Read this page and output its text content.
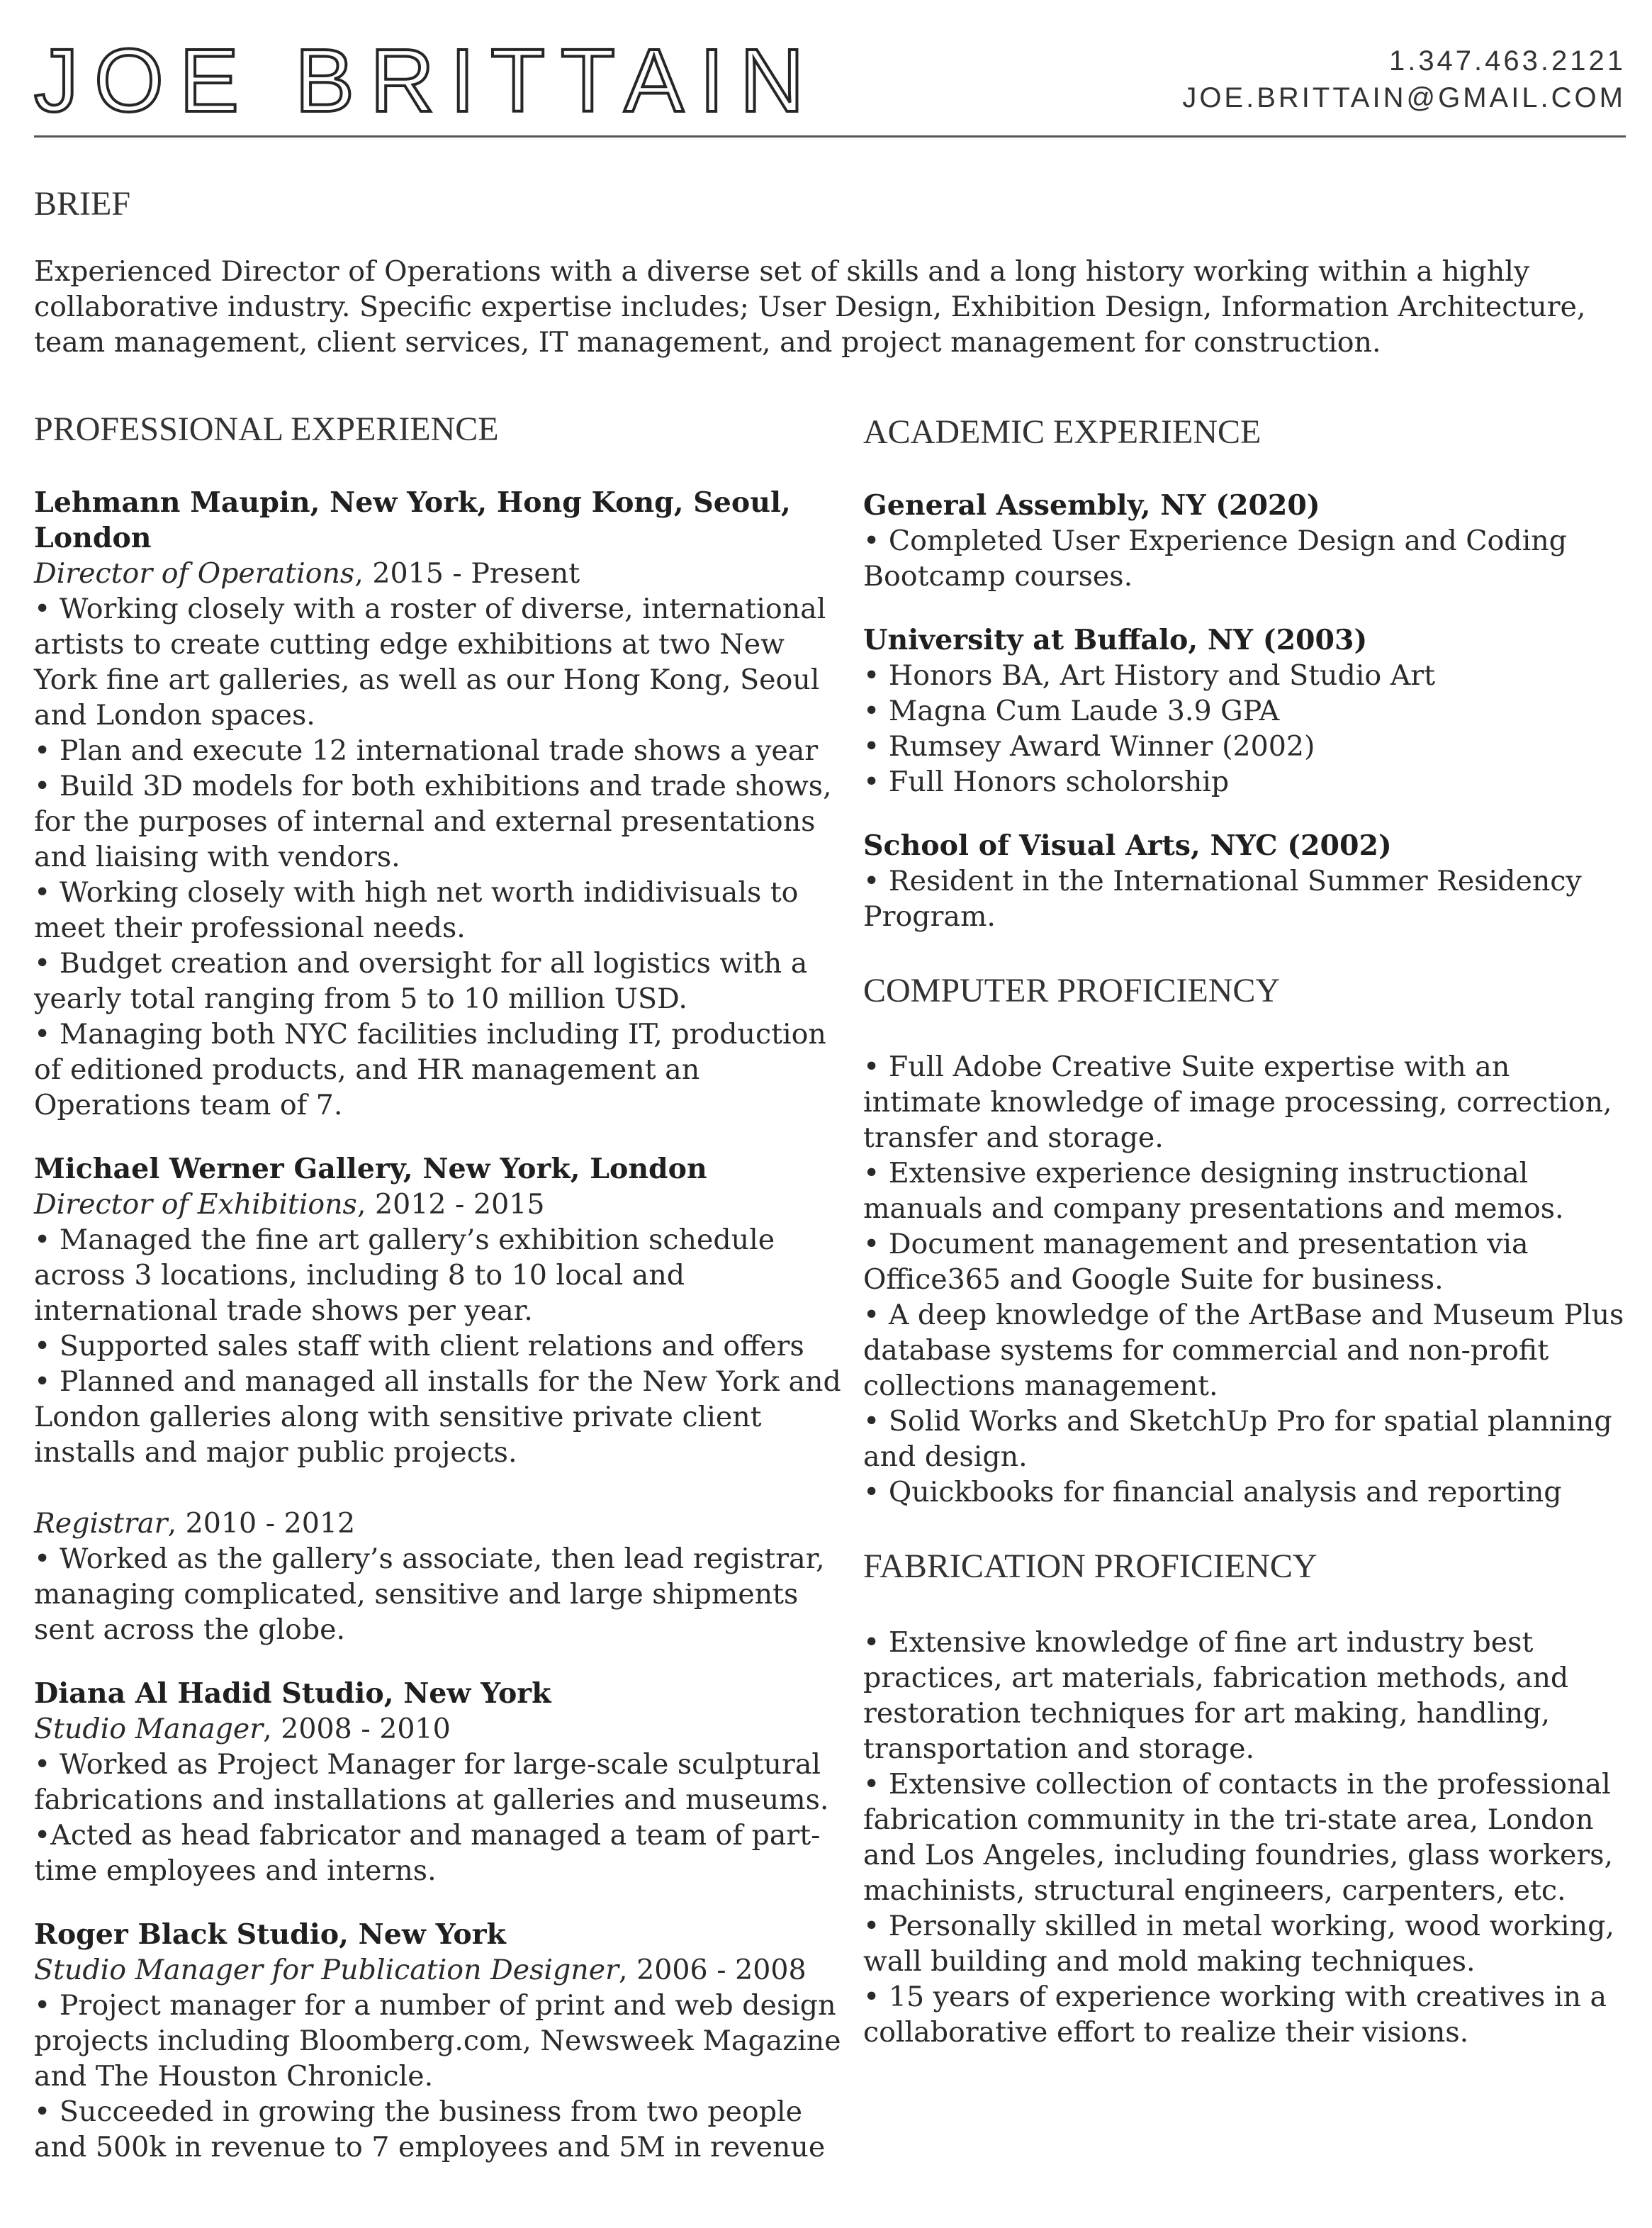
JOE BRITTAIN	1.347.463.2121
JOE.BRITTAIN@GMAIL.COM
BRIEF

Experienced Director of Operations with a diverse set of skills and a long history working within a highly collaborative industry. Specific expertise includes; User Design, Exhibition Design, Information Architecture, team management, client services, IT management, and project management for construction.

PROFESSIONAL EXPERIENCE
Lehmann Maupin, New York, Hong Kong, Seoul, London
Director of Operations, 2015 - Present
• Working closely with a roster of diverse, international artists to create cutting edge exhibitions at two New York fine art galleries, as well as our Hong Kong, Seoul and London spaces.
• Plan and execute 12 international trade shows a year
• Build 3D models for both exhibitions and trade shows, for the purposes of internal and external presentations and liaising with vendors.
• Working closely with high net worth indidivisuals to meet their professional needs.
• Budget creation and oversight for all logistics with a yearly total ranging from 5 to 10 million USD.
• Managing both NYC facilities including IT, production of editioned products, and HR management an Operations team of 7.
Michael Werner Gallery, New York, London
Director of Exhibitions, 2012 - 2015
• Managed the fine art gallery’s exhibition schedule across 3 locations, including 8 to 10 local and international trade shows per year.
• Supported sales staff with client relations and offers
• Planned and managed all installs for the New York and London galleries along with sensitive private client installs and major public projects.
Registrar, 2010 - 2012
• Worked as the gallery’s associate, then lead registrar, managing complicated, sensitive and large shipments sent across the globe.
Diana Al Hadid Studio, New York
Studio Manager, 2008 - 2010
• Worked as Project Manager for large-scale sculptural fabrications and installations at galleries and museums.
•Acted as head fabricator and managed a team of part-time employees and interns.
Roger Black Studio, New York
Studio Manager for Publication Designer, 2006 - 2008
• Project manager for a number of print and web design projects including Bloomberg.com, Newsweek Magazine and The Houston Chronicle.
• Succeeded in growing the business from two people and 500k in revenue to 7 employees and 5M in revenue
ACADEMIC EXPERIENCE
General Assembly, NY (2020)
• Completed User Experience Design and Coding Bootcamp courses.
University at Buffalo, NY (2003)
• Honors BA, Art History and Studio Art
• Magna Cum Laude 3.9 GPA
• Rumsey Award Winner (2002)
• Full Honors scholorship
School of Visual Arts, NYC (2002)
• Resident in the International Summer Residency Program.
COMPUTER PROFICIENCY
• Full Adobe Creative Suite expertise with an intimate knowledge of image processing, correction, transfer and storage.
• Extensive experience designing instructional manuals and company presentations and memos.
• Document management and presentation via Office365 and Google Suite for business.
• A deep knowledge of the ArtBase and Museum Plus database systems for commercial and non-profit collections management.
• Solid Works and SketchUp Pro for spatial planning and design.
• Quickbooks for financial analysis and reporting
FABRICATION PROFICIENCY
• Extensive knowledge of fine art industry best practices, art materials, fabrication methods, and restoration techniques for art making, handling, transportation and storage.
• Extensive collection of contacts in the professional fabrication community in the tri-state area, London and Los Angeles, including foundries, glass workers, machinists, structural engineers, carpenters, etc.
• Personally skilled in metal working, wood working, wall building and mold making techniques.
• 15 years of experience working with creatives in a collaborative effort to realize their visions.
